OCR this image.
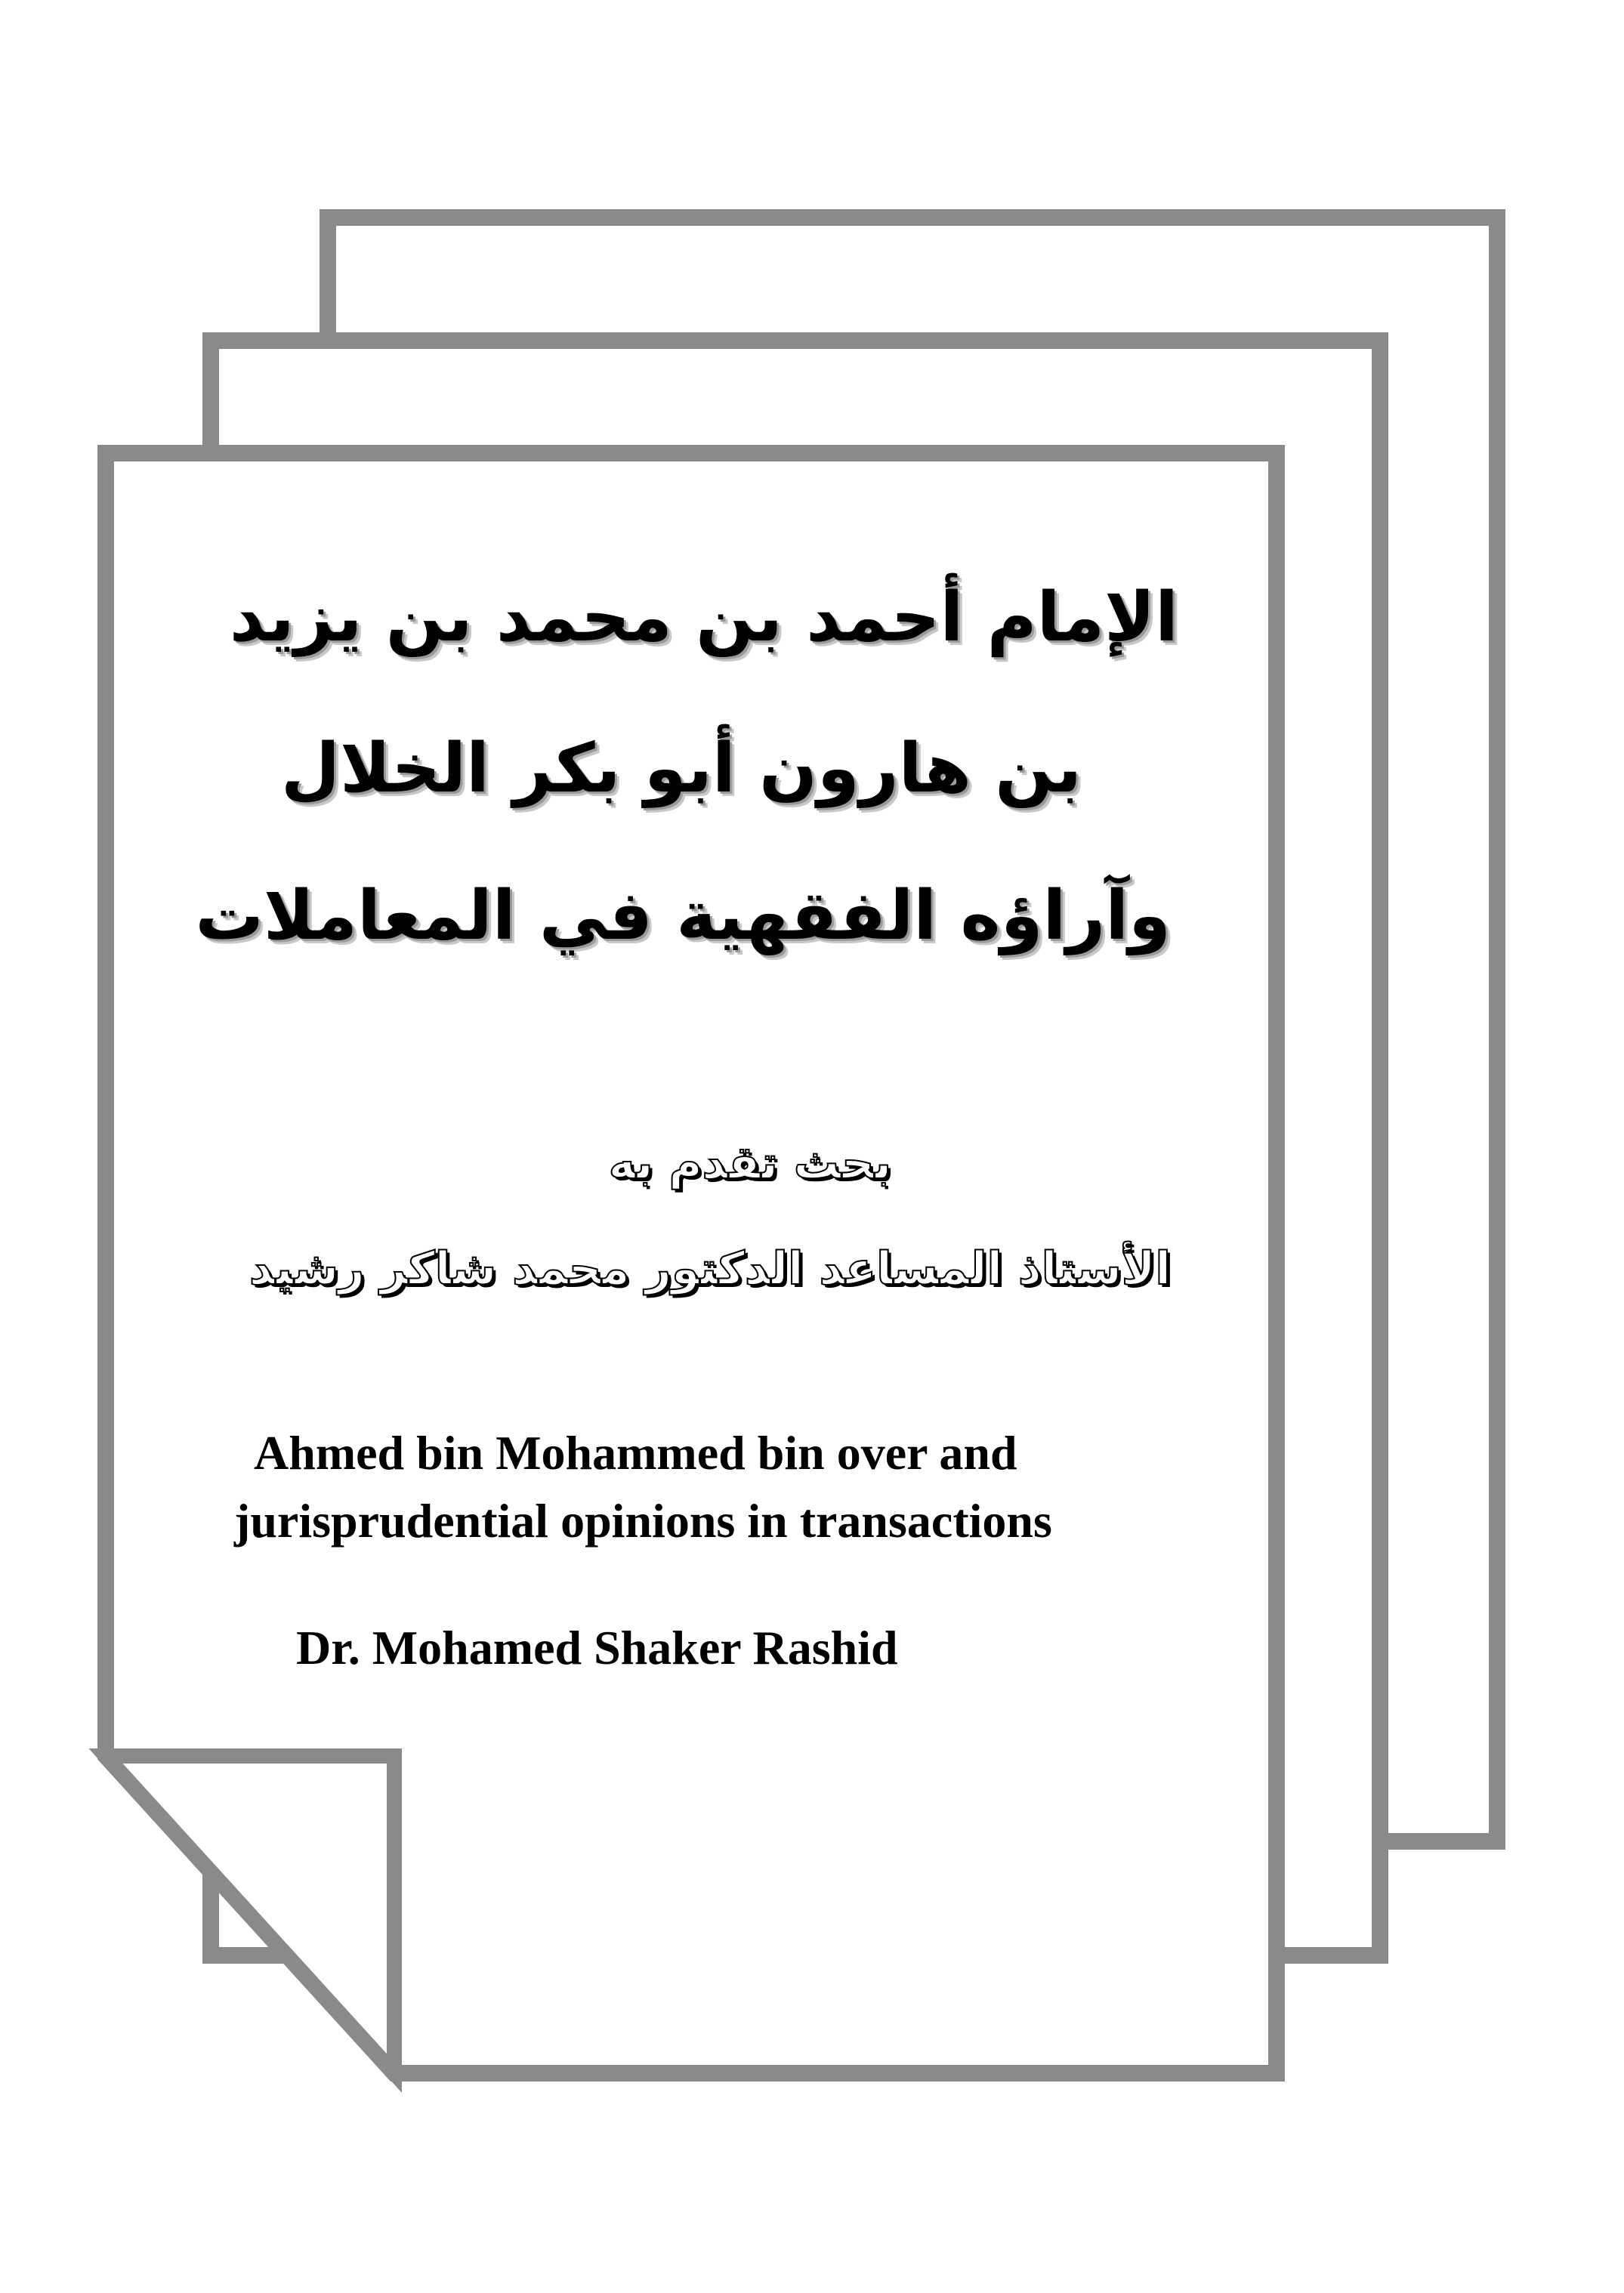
الإمام أحمد بن محمد بن يزيد
بن هارون أبو بكر الخلال
وآراؤه الفقهية في المعاملات
بحث تقدم به
الأستاذ المساعد الدكتور محمد شاكر رشيد
Ahmed bin Mohammed bin over and
jurisprudential opinions in transactions
Dr. Mohamed Shaker Rashid
